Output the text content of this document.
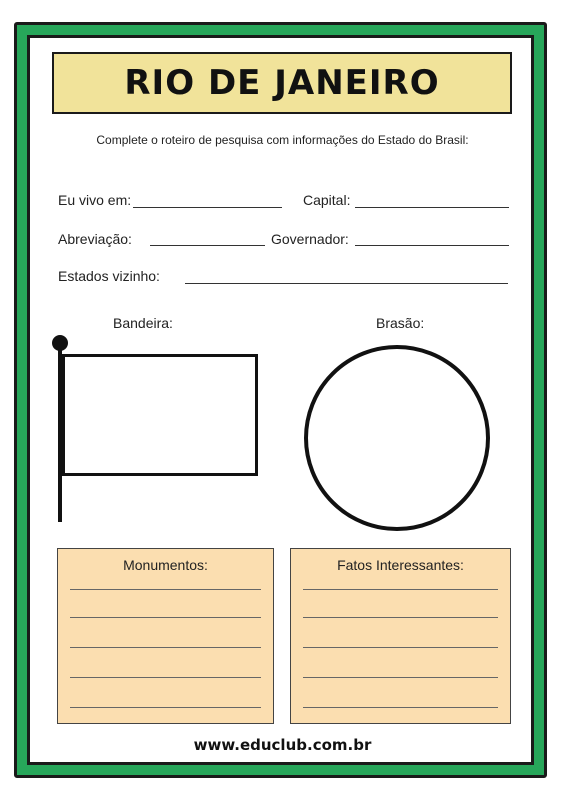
RIO DE JANEIRO
Complete o roteiro de pesquisa com informações do Estado do Brasil:
Eu vivo em:	Capital:
Abreviação:	Governador:
Estados vizinho:
Bandeira:	Brasão:
Monumentos:	Fatos Interessantes:
www.educlub.com.br
